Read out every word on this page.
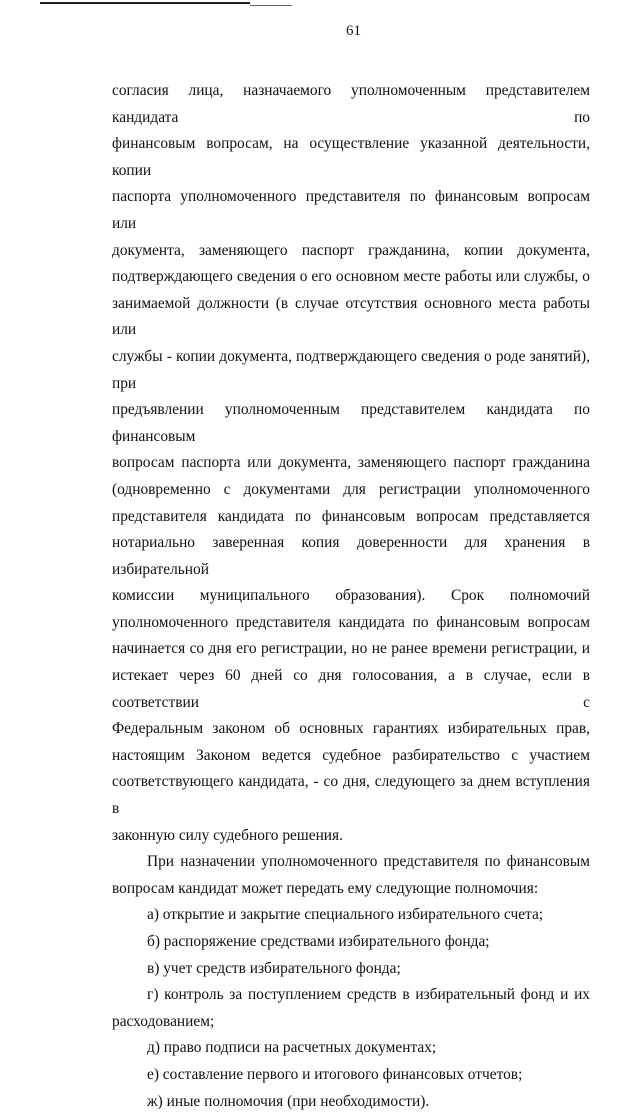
61

согласия лица, назначаемого уполномоченным представителем кандидата по
финансовым вопросам, на осуществление указанной деятельности, копии
паспорта уполномоченного представителя по финансовым вопросам или
документа, заменяющего паспорт гражданина, копии документа,
подтверждающего сведения о его основном месте работы или службы, о
занимаемой должности (в случае отсутствия основного места работы или
службы - копии документа, подтверждающего сведения о роде занятий), при
предъявлении уполномоченным представителем кандидата по финансовым
вопросам паспорта или документа, заменяющего паспорт гражданина
(одновременно с документами для регистрации уполномоченного
представителя кандидата по финансовым вопросам представляется
нотариально заверенная копия доверенности для хранения в избирательной
комиссии муниципального образования). Срок полномочий
уполномоченного представителя кандидата по финансовым вопросам
начинается со дня его регистрации, но не ранее времени регистрации, и
истекает через 60 дней со дня голосования, а в случае, если в соответствии с
Федеральным законом об основных гарантиях избирательных прав,
настоящим Законом ведется судебное разбирательство с участием
соответствующего кандидата, - со дня, следующего за днем вступления в
законную силу судебного решения.

При назначении уполномоченного представителя по финансовым
вопросам кандидат может передать ему следующие полномочия:

а) открытие и закрытие специального избирательного счета;
б) распоряжение средствами избирательного фонда;
в) учет средств избирательного фонда;
г) контроль за поступлением средств в избирательный фонд и их
расходованием;
д) право подписи на расчетных документах;
е) составление первого и итогового финансовых отчетов;
ж) иные полномочия (при необходимости).
